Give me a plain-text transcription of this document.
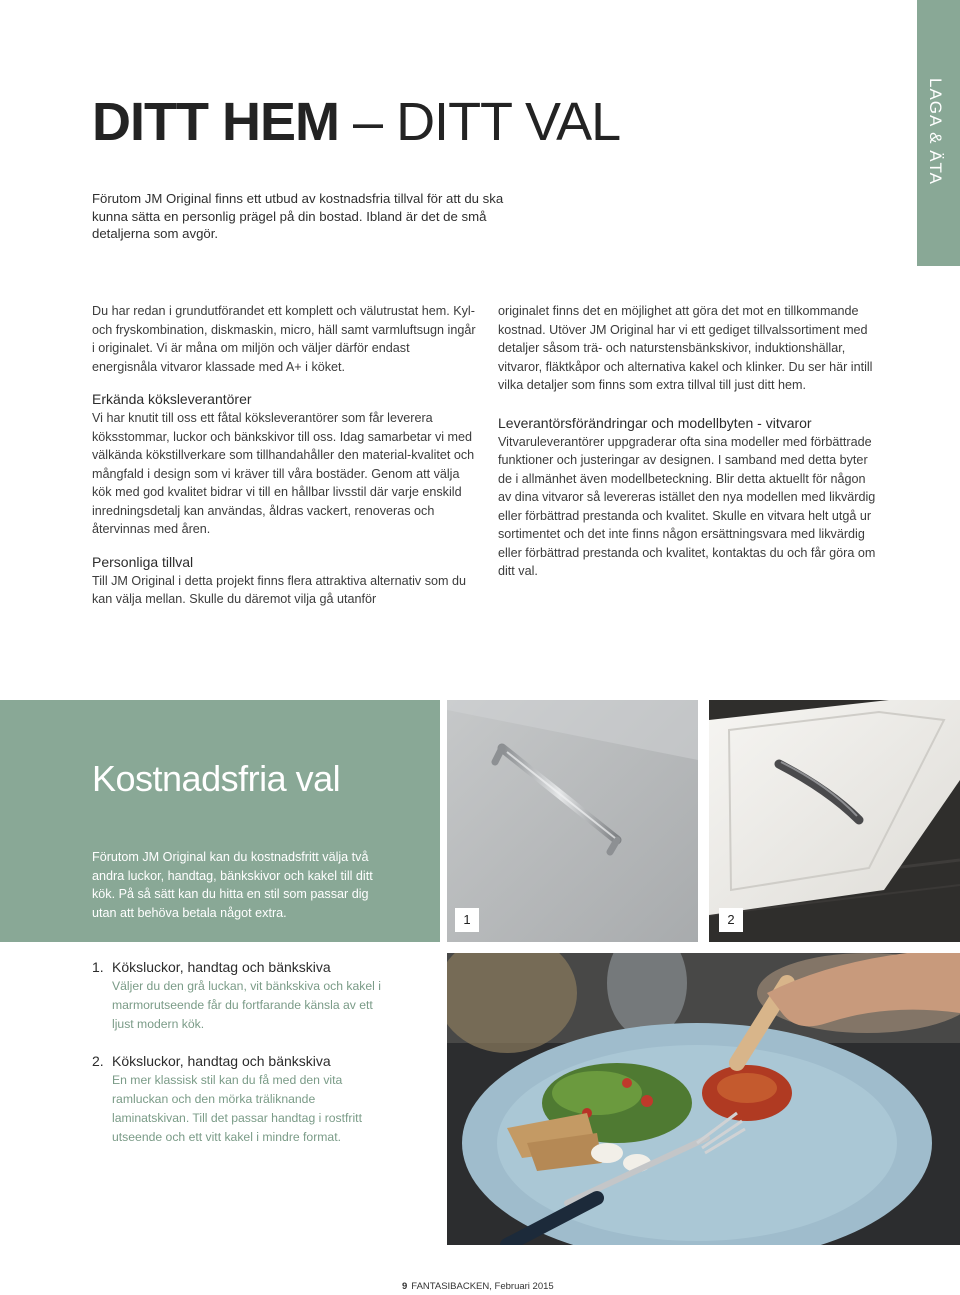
LAGA & ÄTA
DITT HEM – DITT VAL

Förutom JM Original finns ett utbud av kostnadsfria tillval för att du ska kunna sätta en personlig prägel på din bostad. Ibland är det de små detaljerna som avgör.

Du har redan i grundutförandet ett komplett och välutrustat hem. Kyl- och fryskombination, diskmaskin, micro, häll samt varmluftsugn ingår i originalet. Vi är måna om miljön och väljer därför endast energisnåla vitvaror klassade med A+ i köket.

Erkända köksleverantörer

Vi har knutit till oss ett fåtal köksleverantörer som får leverera köksstommar, luckor och bänkskivor till oss. Idag samarbetar vi med välkända kökstillverkare som tillhandahåller den material-kvalitet och mångfald i design som vi kräver till våra bostäder. Genom att välja kök med god kvalitet bidrar vi till en hållbar livsstil där varje enskild inredningsdetalj kan användas, åldras vackert, renoveras och återvinnas med åren.

Personliga tillval

Till JM Original i detta projekt finns flera attraktiva alternativ som du kan välja mellan. Skulle du däremot vilja gå utanför

originalet finns det en möjlighet att göra det mot en tillkommande kostnad. Utöver JM Original har vi ett gediget tillvalssortiment med detaljer såsom trä- och naturstensbänkskivor, induktionshällar, vitvaror, fläktkåpor och alternativa kakel och klinker. Du ser här intill vilka detaljer som finns som extra tillval till just ditt hem.

Leverantörsförändringar och modellbyten - vitvaror

Vitvaruleverantörer uppgraderar ofta sina modeller med förbättrade funktioner och justeringar av designen. I samband med detta byter de i allmänhet även modellbeteckning. Blir detta aktuellt för någon av dina vitvaror så levereras istället den nya modellen med likvärdig eller förbättrad prestanda och kvalitet. Skulle en vitvara helt utgå ur sortimentet och det inte finns någon ersättningsvara med likvärdig eller förbättrad prestanda och kvalitet, kontaktas du och får göra om ditt val.

Kostnadsfria val

Förutom JM Original kan du kostnadsfritt välja två andra luckor, handtag, bänkskivor och kakel till ditt kök. På så sätt kan du hitta en stil som passar dig utan att behöva betala något extra.	1	2
1. Köksluckor, handtag och bänkskiva

Väljer du den grå luckan, vit bänkskiva och kakel i marmorutseende får du fortfarande känsla av ett ljust modern kök.

2. Köksluckor, handtag och bänkskiva

En mer klassisk stil kan du få med den vita ramluckan och den mörka träliknande laminatskivan. Till det passar handtag i rostfritt utseende och ett vitt kakel i mindre format.

9 FANTASIBACKEN, Februari 2015
